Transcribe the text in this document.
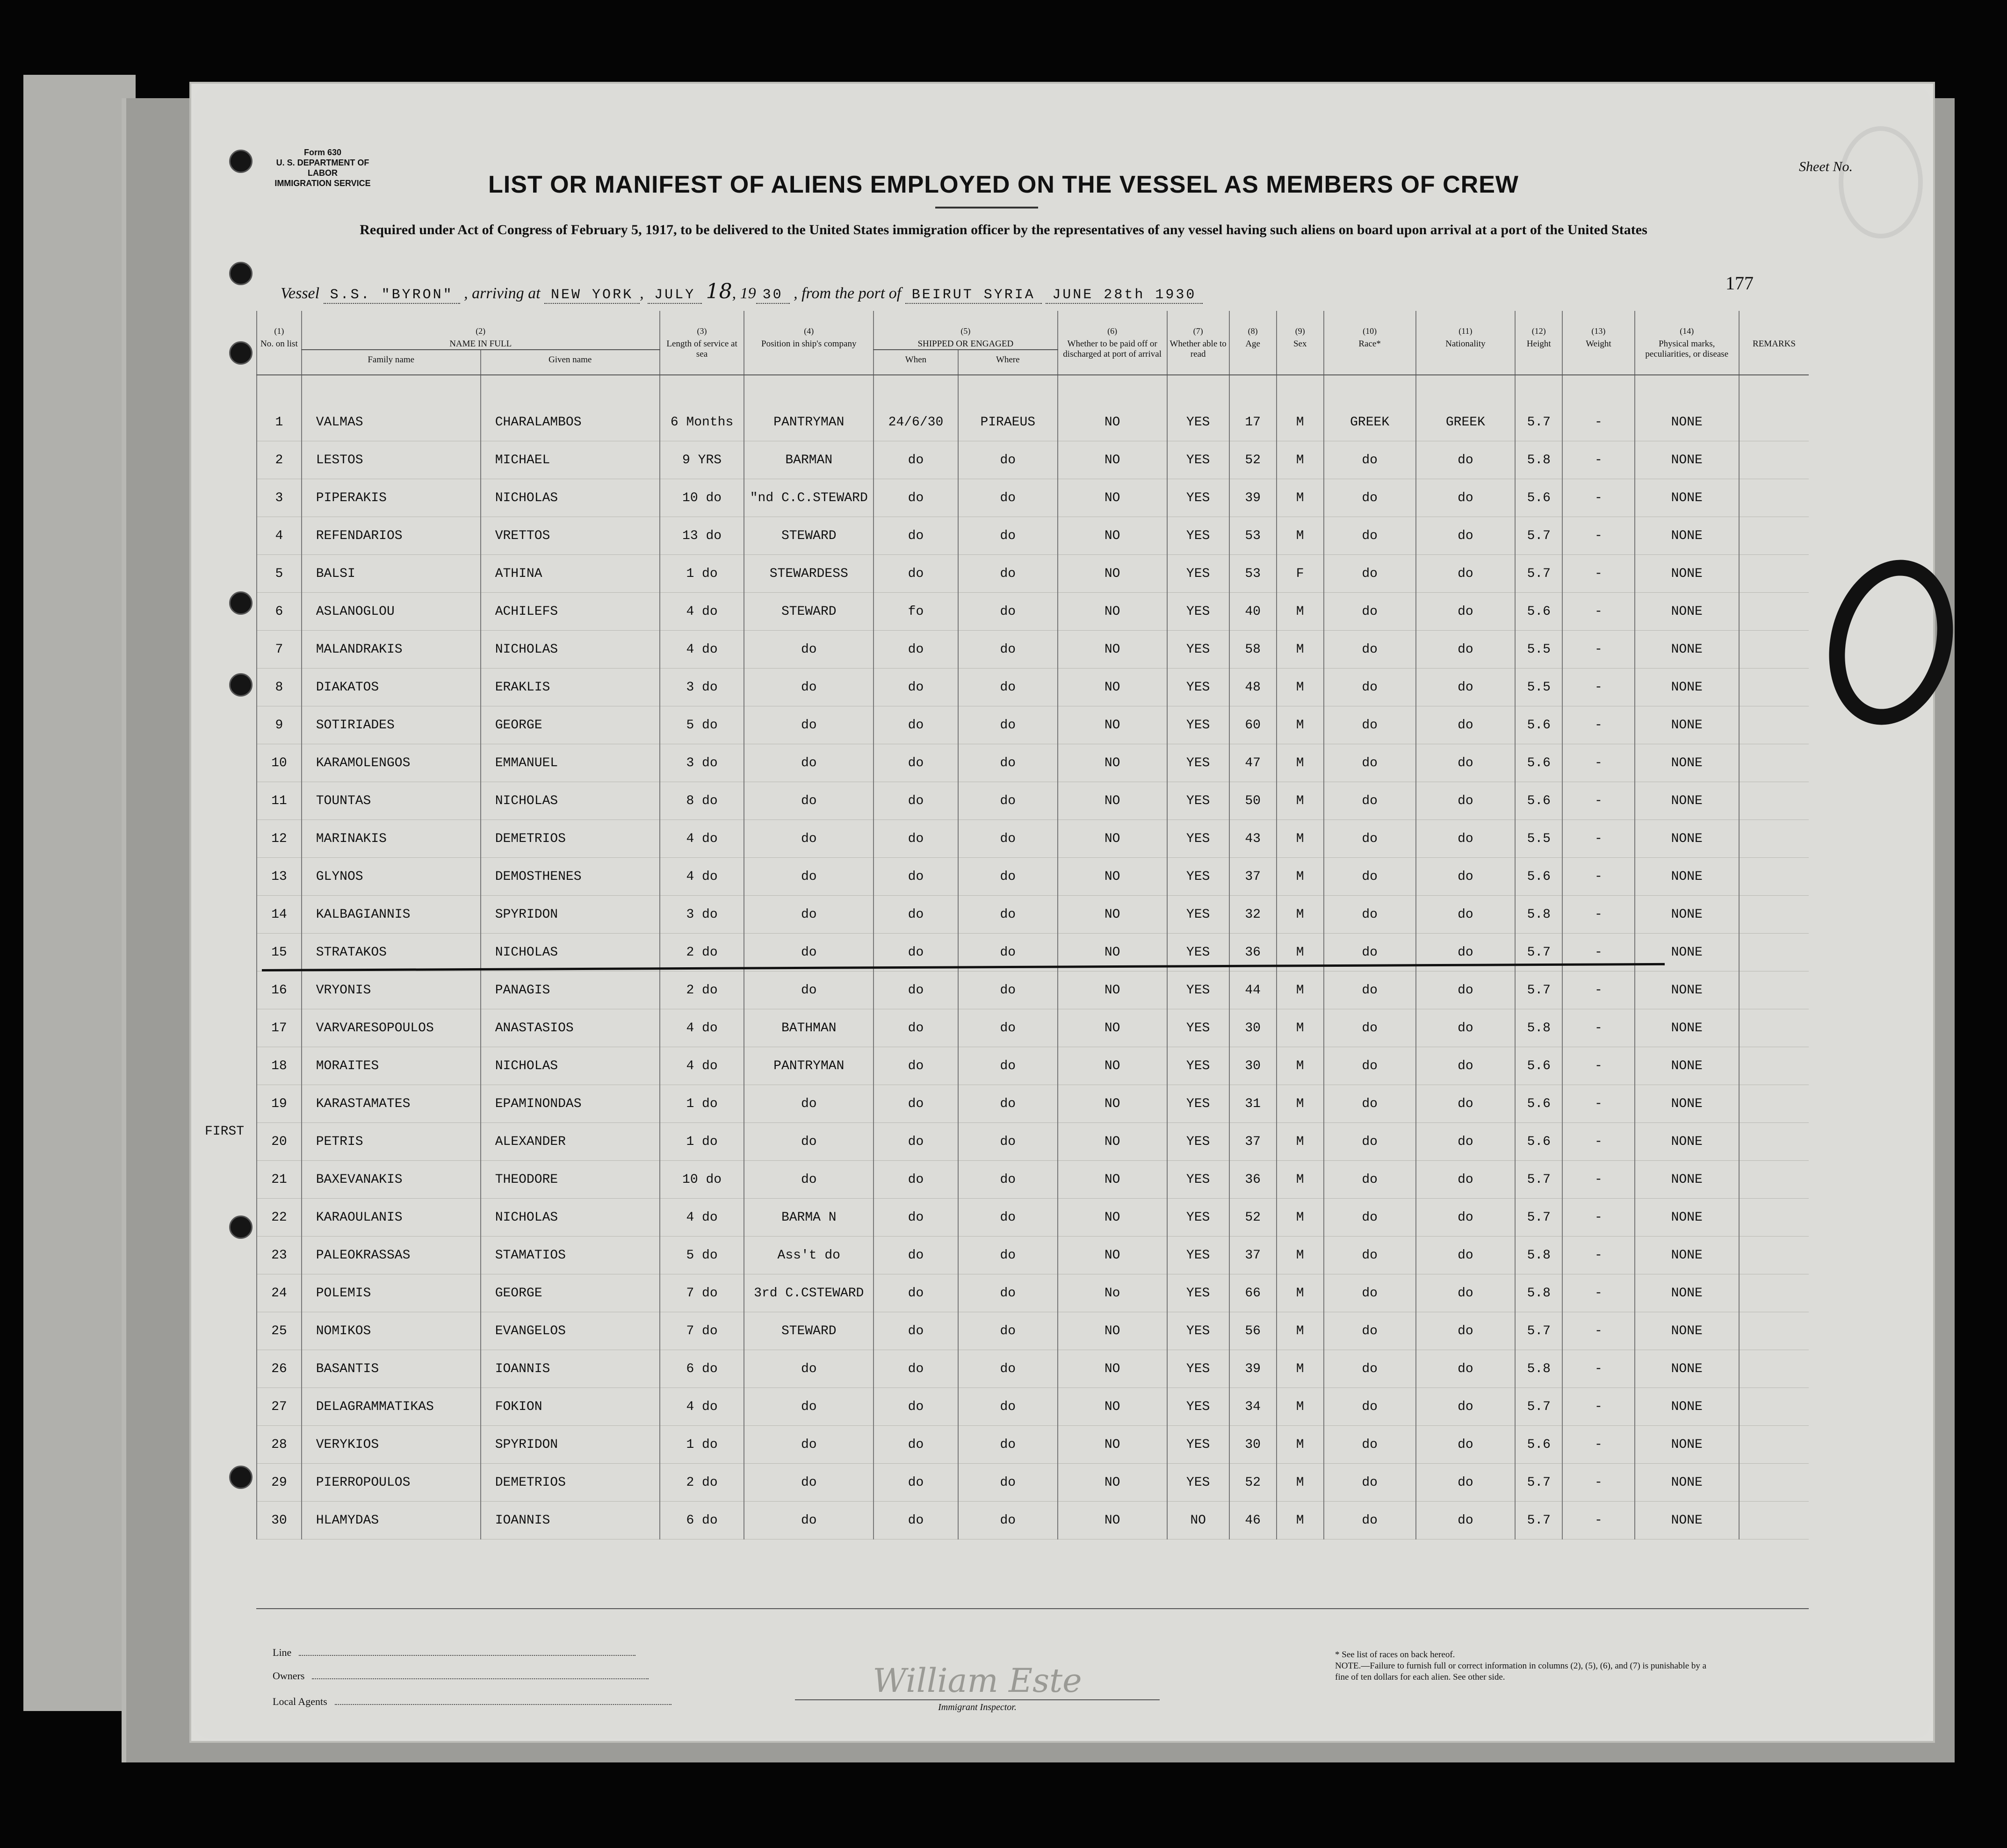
Form 630
U. S. DEPARTMENT OF LABOR
IMMIGRATION SERVICE
Sheet No.
LIST OR MANIFEST OF ALIENS EMPLOYED ON THE VESSEL AS MEMBERS OF CREW
Required under Act of Congress of February 5, 1917, to be delivered to the United States immigration officer by the representatives of any vessel having such aliens on board upon arrival at a port of the United States
Vessel S.S. "BYRON" , arriving at NEW YORK , JULY 18, 19 30 , from the port of BEIRUT SYRIA JUNE 28th 1930
177
(1)
No. on list	(2)
NAME IN FULL		(3)
Length of service at sea	(4)
Position in ship's company	(5)
SHIPPED OR ENGAGED		(6)
Whether to be paid off or discharged at port of arrival	(7)
Whether able to read	(8)
Age	(9)
Sex	(10)
Race*	(11)
Nationality	(12)
Height	(13)
Weight	(14)
Physical marks, peculiarities, or disease	REMARKS
	Family name	Given name			When	Where										
1	VALMAS	CHARALAMBOS	6 Months	PANTRYMAN	24/6/30	PIRAEUS	NO	YES	17	M	GREEK	GREEK	5.7	-	NONE	
2	LESTOS	MICHAEL	9 YRS	BARMAN	do	do	NO	YES	52	M	do	do	5.8	-	NONE	
3	PIPERAKIS	NICHOLAS	10 do	"nd C.C.STEWARD	do	do	NO	YES	39	M	do	do	5.6	-	NONE	
4	REFENDARIOS	VRETTOS	13 do	STEWARD	do	do	NO	YES	53	M	do	do	5.7	-	NONE	
5	BALSI	ATHINA	1 do	STEWARDESS	do	do	NO	YES	53	F	do	do	5.7	-	NONE	
6	ASLANOGLOU	ACHILEFS	4 do	STEWARD	fo	do	NO	YES	40	M	do	do	5.6	-	NONE	
7	MALANDRAKIS	NICHOLAS	4 do	do	do	do	NO	YES	58	M	do	do	5.5	-	NONE	
8	DIAKATOS	ERAKLIS	3 do	do	do	do	NO	YES	48	M	do	do	5.5	-	NONE	
9	SOTIRIADES	GEORGE	5 do	do	do	do	NO	YES	60	M	do	do	5.6	-	NONE	
10	KARAMOLENGOS	EMMANUEL	3 do	do	do	do	NO	YES	47	M	do	do	5.6	-	NONE	
11	TOUNTAS	NICHOLAS	8 do	do	do	do	NO	YES	50	M	do	do	5.6	-	NONE	
12	MARINAKIS	DEMETRIOS	4 do	do	do	do	NO	YES	43	M	do	do	5.5	-	NONE	
13	GLYNOS	DEMOSTHENES	4 do	do	do	do	NO	YES	37	M	do	do	5.6	-	NONE	
14	KALBAGIANNIS	SPYRIDON	3 do	do	do	do	NO	YES	32	M	do	do	5.8	-	NONE	
15	STRATAKOS	NICHOLAS	2 do	do	do	do	NO	YES	36	M	do	do	5.7	-	NONE	
16	VRYONIS	PANAGIS	2 do	do	do	do	NO	YES	44	M	do	do	5.7	-	NONE	
17	VARVARESOPOULOS	ANASTASIOS	4 do	BATHMAN	do	do	NO	YES	30	M	do	do	5.8	-	NONE	
18	MORAITES	NICHOLAS	4 do	PANTRYMAN	do	do	NO	YES	30	M	do	do	5.6	-	NONE	
19	KARASTAMATES	EPAMINONDAS	1 do	do	do	do	NO	YES	31	M	do	do	5.6	-	NONE	
20	PETRIS	ALEXANDER	1 do	do	do	do	NO	YES	37	M	do	do	5.6	-	NONE	
21	BAXEVANAKIS	THEODORE	10 do	do	do	do	NO	YES	36	M	do	do	5.7	-	NONE	
22	KARAOULANIS	NICHOLAS	4 do	BARMA N	do	do	NO	YES	52	M	do	do	5.7	-	NONE	
23	PALEOKRASSAS	STAMATIOS	5 do	Ass't do	do	do	NO	YES	37	M	do	do	5.8	-	NONE	
24	POLEMIS	GEORGE	7 do	3rd C.CSTEWARD	do	do	No	YES	66	M	do	do	5.8	-	NONE	
25	NOMIKOS	EVANGELOS	7 do	STEWARD	do	do	NO	YES	56	M	do	do	5.7	-	NONE	
26	BASANTIS	IOANNIS	6 do	do	do	do	NO	YES	39	M	do	do	5.8	-	NONE	
27	DELAGRAMMATIKAS	FOKION	4 do	do	do	do	NO	YES	34	M	do	do	5.7	-	NONE	
28	VERYKIOS	SPYRIDON	1 do	do	do	do	NO	YES	30	M	do	do	5.6	-	NONE	
29	PIERROPOULOS	DEMETRIOS	2 do	do	do	do	NO	YES	52	M	do	do	5.7	-	NONE	
30	HLAMYDAS	IOANNIS	6 do	do	do	do	NO	NO	46	M	do	do	5.7	-	NONE	
FIRST
Line
Owners
Local Agents
William Este
Immigrant Inspector.
* See list of races on back hereof.
NOTE.—Failure to furnish full or correct information in columns (2), (5), (6), and (7) is punishable by a fine of ten dollars for each alien. See other side.
